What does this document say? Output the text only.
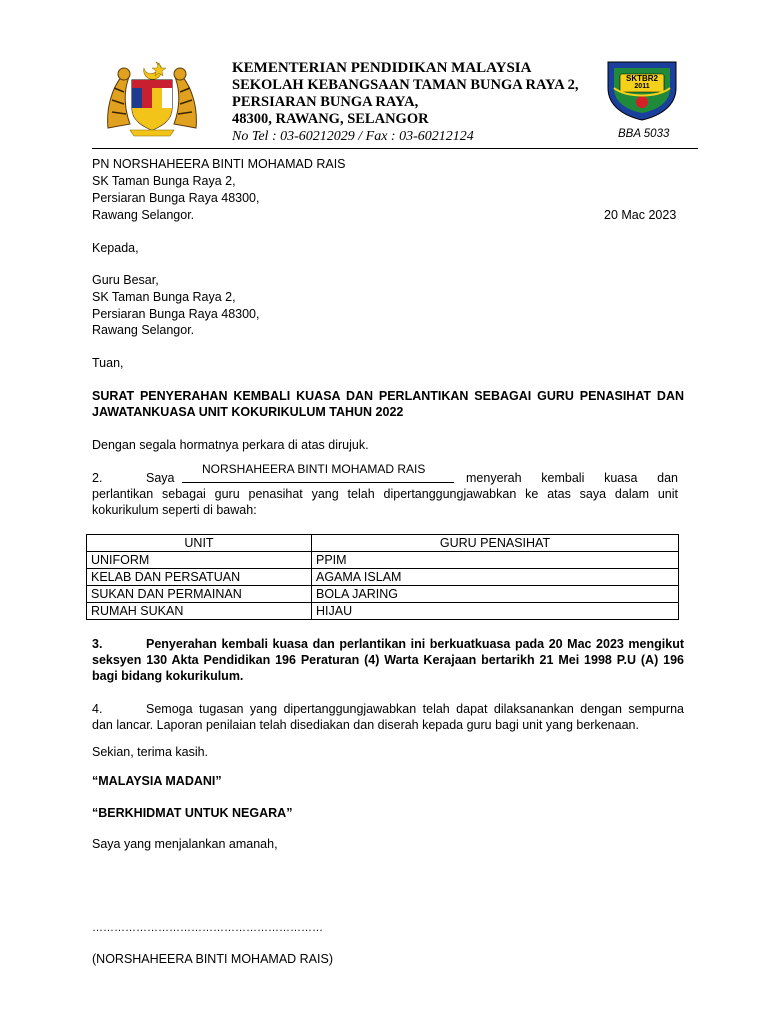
KEMENTERIAN PENDIDIKAN MALAYSIA
SEKOLAH KEBANGSAAN TAMAN BUNGA RAYA 2,
PERSIARAN BUNGA RAYA,
48300, RAWANG, SELANGOR
No Tel : 03-60212029 / Fax : 03-60212124
SKTBR2
2011
BBA 5033
PN NORSHAHEERA BINTI MOHAMAD RAIS
SK Taman Bunga Raya 2,
Persiaran Bunga Raya 48300,
Rawang Selangor.	20 Mac 2023
Kepada,
Guru Besar,
SK Taman Bunga Raya 2,
Persiaran Bunga Raya 48300,
Rawang Selangor.
Tuan,
SURAT PENYERAHAN KEMBALI KUASA DAN PERLANTIKAN SEBAGAI GURU PENASIHAT DAN
JAWATANKUASA UNIT KOKURIKULUM TAHUN 2022
Dengan segala hormatnya perkara di atas dirujuk.
2.	Saya
NORSHAHEERA BINTI MOHAMAD RAIS
menyerah kembali kuasa dan
perlantikan sebagai guru penasihat yang telah dipertanggungjawabkan ke atas saya dalam unit
kokurikulum seperti di bawah:
UNIT	GURU PENASIHAT
UNIFORM	PPIM
KELAB DAN PERSATUAN	AGAMA ISLAM
SUKAN DAN PERMAINAN	BOLA JARING
RUMAH SUKAN	HIJAU
3.	Penyerahan kembali kuasa dan perlantikan ini berkuatkuasa pada 20 Mac 2023 mengikut
seksyen 130 Akta Pendidikan 196 Peraturan (4) Warta Kerajaan bertarikh 21 Mei 1998 P.U (A) 196
bagi bidang kokurikulum.
4.	Semoga tugasan yang dipertanggungjawabkan telah dapat dilaksanankan dengan sempurna
dan lancar. Laporan penilaian telah disediakan dan diserah kepada guru bagi unit yang berkenaan.
Sekian, terima kasih.
“MALAYSIA MADANI”
“BERKHIDMAT UNTUK NEGARA”
Saya yang menjalankan amanah,
………………………………………………………
(NORSHAHEERA BINTI MOHAMAD RAIS)
